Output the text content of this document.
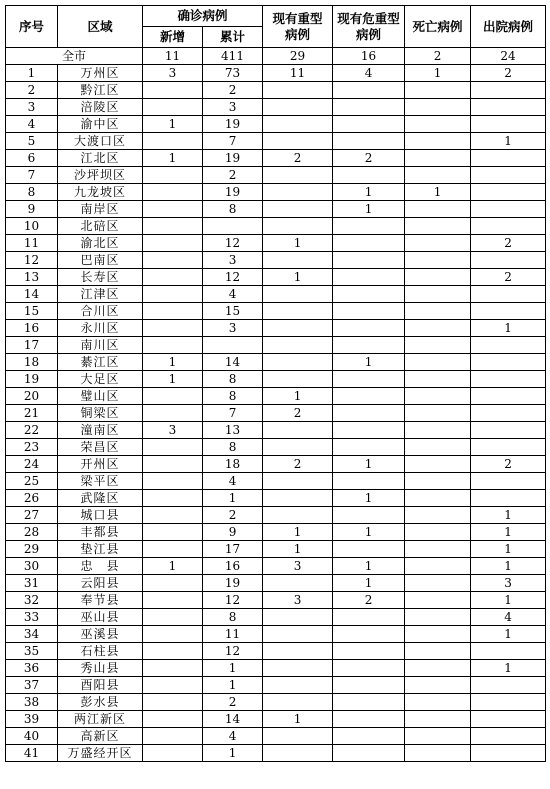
序号	区域	确诊病例		现有重型病例	现有危重型病例	死亡病例	出院病例
		新增	累计				
全市		11	411	29	16	2	24
1	万州区	3	73	11	4	1	2
2	黔江区		2				
3	涪陵区		3				
4	渝中区	1	19				
5	大渡口区		7				1
6	江北区	1	19	2	2		
7	沙坪坝区		2				
8	九龙坡区		19		1	1	
9	南岸区		8		1		
10	北碚区						
11	渝北区		12	1			2
12	巴南区		3				
13	长寿区		12	1			2
14	江津区		4				
15	合川区		15				
16	永川区		3				1
17	南川区						
18	綦江区	1	14		1		
19	大足区	1	8				
20	璧山区		8	1			
21	铜梁区		7	2			
22	潼南区	3	13				
23	荣昌区		8				
24	开州区		18	2	1		2
25	梁平区		4				
26	武隆区		1		1		
27	城口县		2				1
28	丰都县		9	1	1		1
29	垫江县		17	1			1
30	忠　县	1	16	3	1		1
31	云阳县		19		1		3
32	奉节县		12	3	2		1
33	巫山县		8				4
34	巫溪县		11				1
35	石柱县		12				
36	秀山县		1				1
37	酉阳县		1				
38	彭水县		2				
39	两江新区		14	1			
40	高新区		4				
41	万盛经开区		1				
